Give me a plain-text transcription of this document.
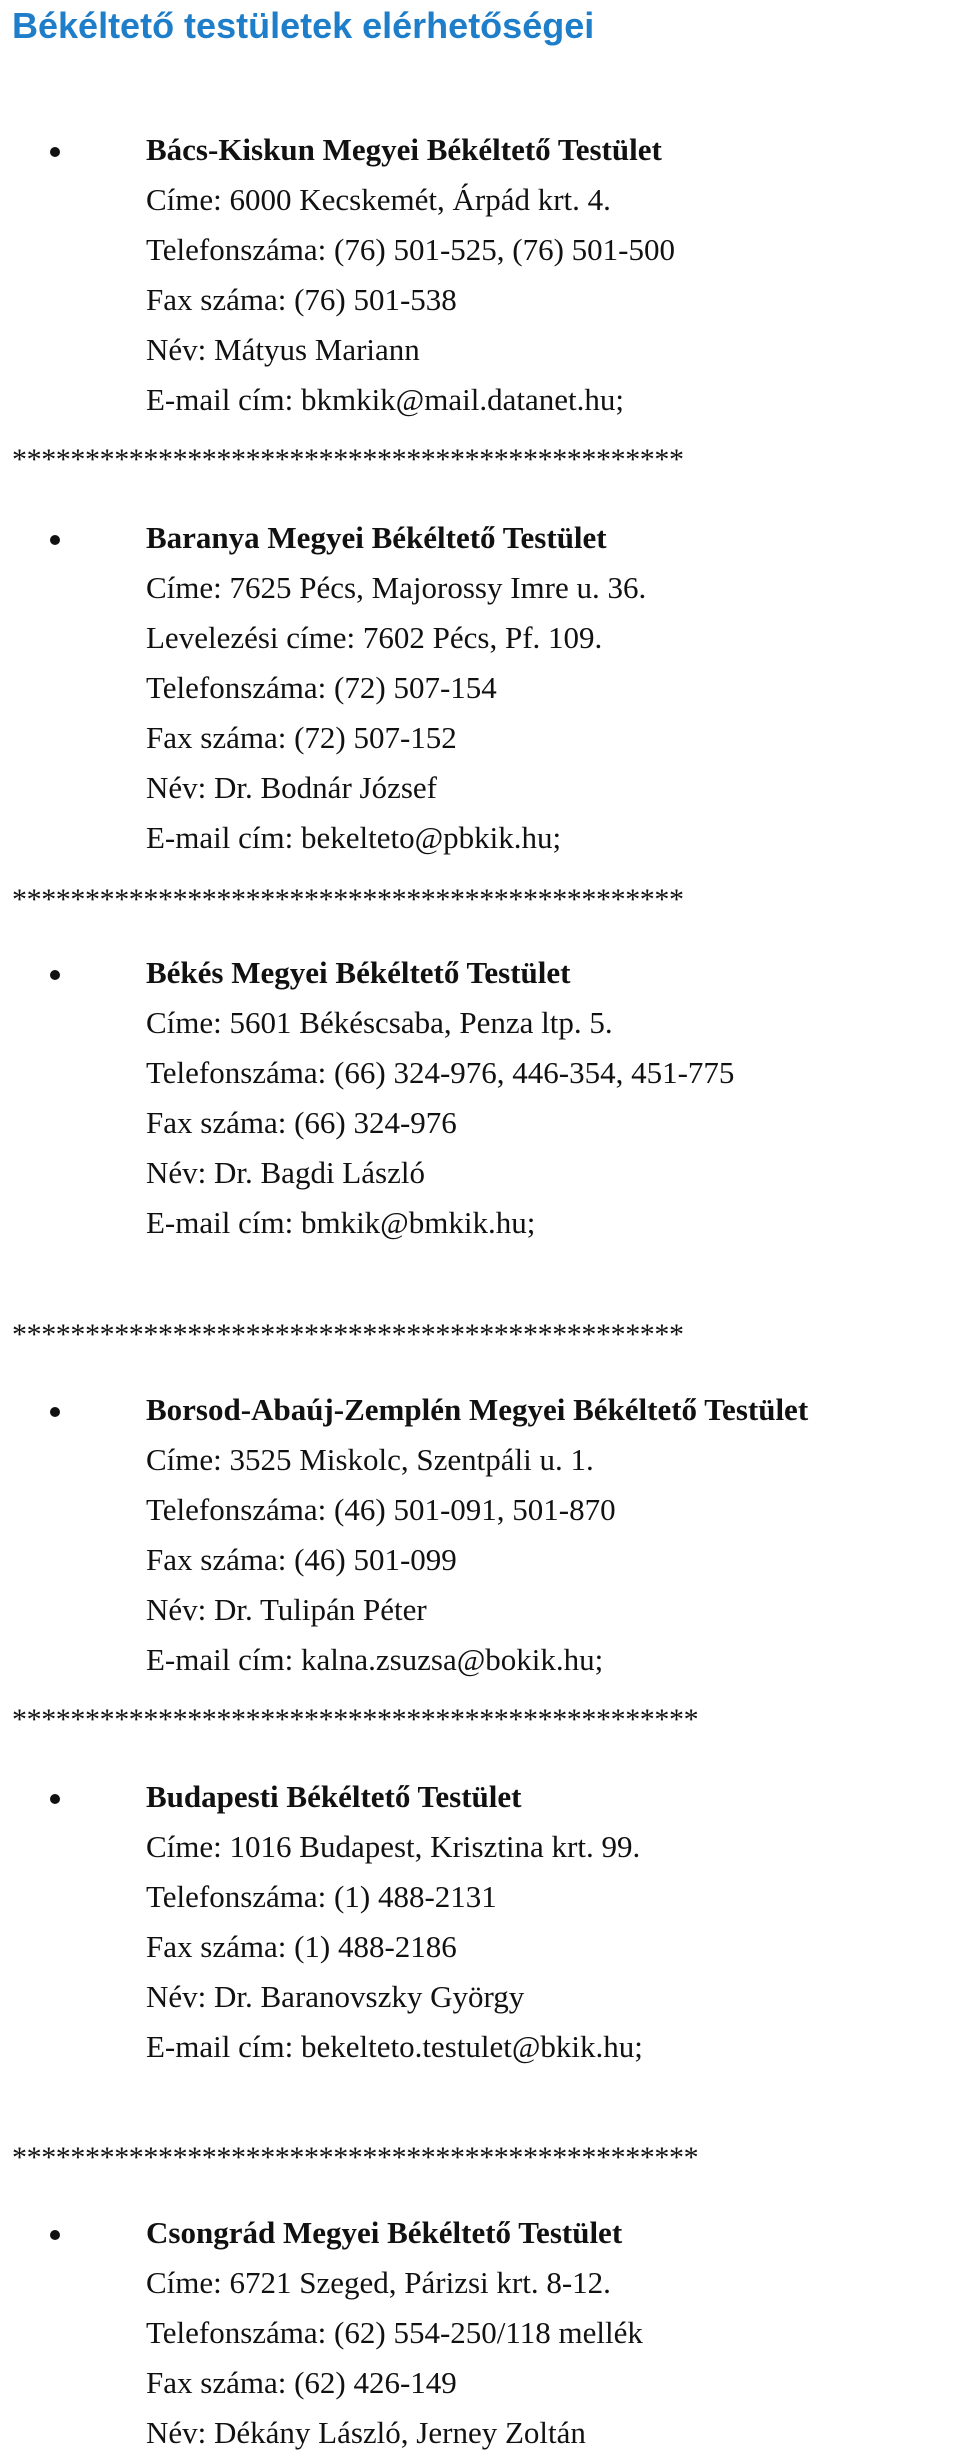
Békéltető testületek elérhetőségei
Bács-Kiskun Megyei Békéltető Testület
Címe: 6000 Kecskemét, Árpád krt. 4.
Telefonszáma: (76) 501-525, (76) 501-500
Fax száma: (76) 501-538
Név: Mátyus Mariann
E-mail cím: bkmkik@mail.datanet.hu;
**********************************************
Baranya Megyei Békéltető Testület
Címe: 7625 Pécs, Majorossy Imre u. 36.
Levelezési címe: 7602 Pécs, Pf. 109.
Telefonszáma: (72) 507-154
Fax száma: (72) 507-152
Név: Dr. Bodnár József
E-mail cím: bekelteto@pbkik.hu;
**********************************************
Békés Megyei Békéltető Testület
Címe: 5601 Békéscsaba, Penza ltp. 5.
Telefonszáma: (66) 324-976, 446-354, 451-775
Fax száma: (66) 324-976
Név: Dr. Bagdi László
E-mail cím: bmkik@bmkik.hu;
**********************************************
Borsod-Abaúj-Zemplén Megyei Békéltető Testület
Címe: 3525 Miskolc, Szentpáli u. 1.
Telefonszáma: (46) 501-091, 501-870
Fax száma: (46) 501-099
Név: Dr. Tulipán Péter
E-mail cím: kalna.zsuzsa@bokik.hu;
***********************************************
Budapesti Békéltető Testület
Címe: 1016 Budapest, Krisztina krt. 99.
Telefonszáma: (1) 488-2131
Fax száma: (1) 488-2186
Név: Dr. Baranovszky György
E-mail cím: bekelteto.testulet@bkik.hu;
***********************************************
Csongrád Megyei Békéltető Testület
Címe: 6721 Szeged, Párizsi krt. 8-12.
Telefonszáma: (62) 554-250/118 mellék
Fax száma: (62) 426-149
Név: Dékány László, Jerney Zoltán
